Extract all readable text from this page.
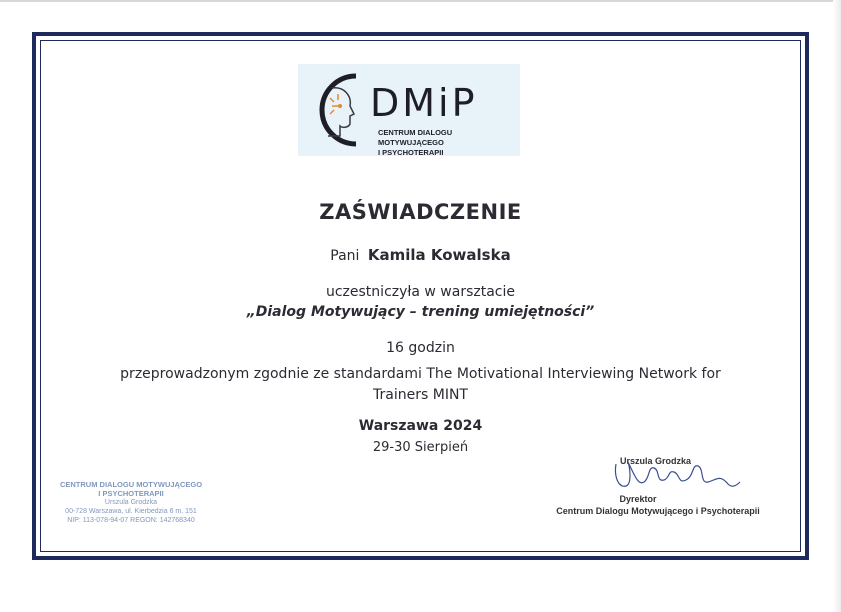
DMiP
CENTRUM DIALOGU MOTYWUJĄCEGO
I PSYCHOTERAPII
ZAŚWIADCZENIE
Pani Kamila Kowalska
uczestniczyła w warsztacie
„Dialog Motywujący – trening umiejętności”
16 godzin
przeprowadzonym zgodnie ze standardami The Motivational Interviewing Network for Trainers MINT
Warszawa 2024
29-30 Sierpień
CENTRUM DIALOGU MOTYWUJĄCEGO
I PSYCHOTERAPII
Urszula Grodzka
00-728 Warszawa, ul. Kierbedzia 6 m. 151
NIP: 113-078-94-07 REGON: 142768340
Urszula Grodzka
Dyrektor
Centrum Dialogu Motywującego i Psychoterapii
